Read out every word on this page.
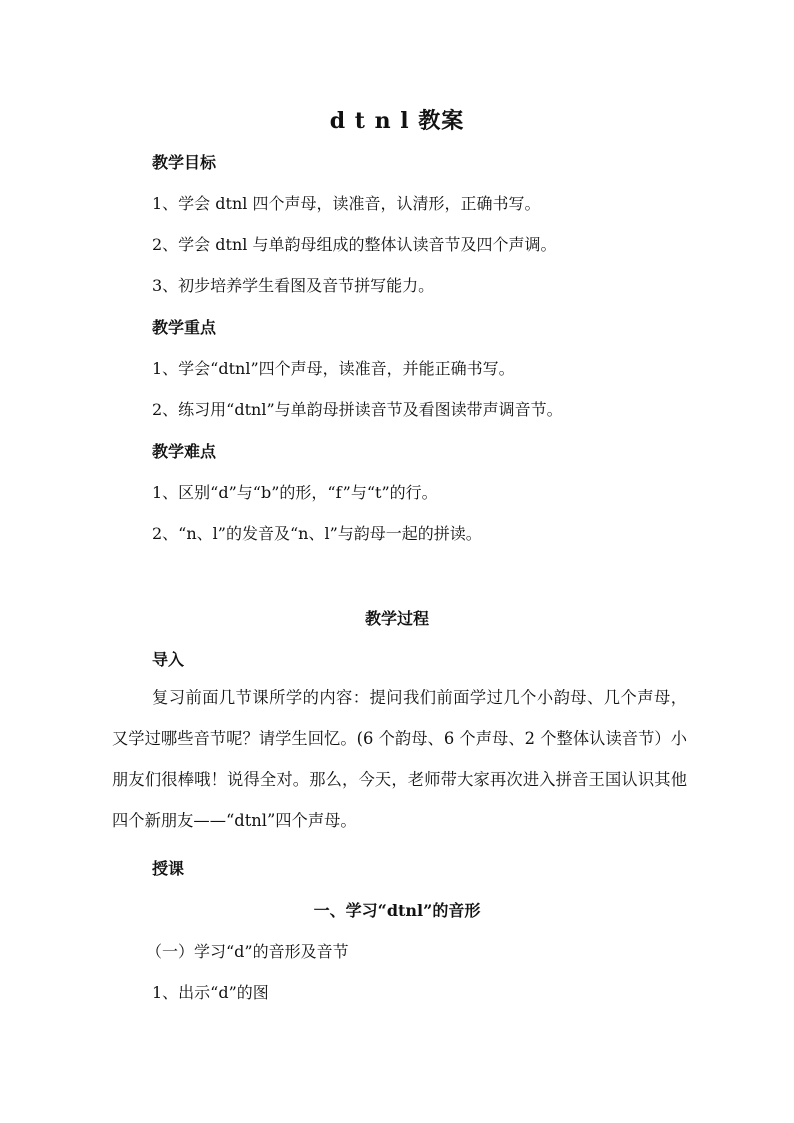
d t n l 教案
教学目标
1、学会 dtnl 四个声母，读准音，认清形，正确书写。
2、学会 dtnl 与单韵母组成的整体认读音节及四个声调。
3、初步培养学生看图及音节拼写能力。
教学重点
1、学会“dtnl”四个声母，读准音，并能正确书写。
2、练习用“dtnl”与单韵母拼读音节及看图读带声调音节。
教学难点
1、区别“d”与“b”的形，“f”与“t”的行。
2、“n、l”的发音及“n、l”与韵母一起的拼读。
教学过程
导入
复习前面几节课所学的内容：提问我们前面学过几个小韵母、几个声母，又学过哪些音节呢？请学生回忆。(6 个韵母、6 个声母、2 个整体认读音节）小朋友们很棒哦！说得全对。那么，今天，老师带大家再次进入拼音王国认识其他四个新朋友——“dtnl”四个声母。
授课
一、学习“dtnl”的音形
（一）学习“d”的音形及音节
1、出示“d”的图
